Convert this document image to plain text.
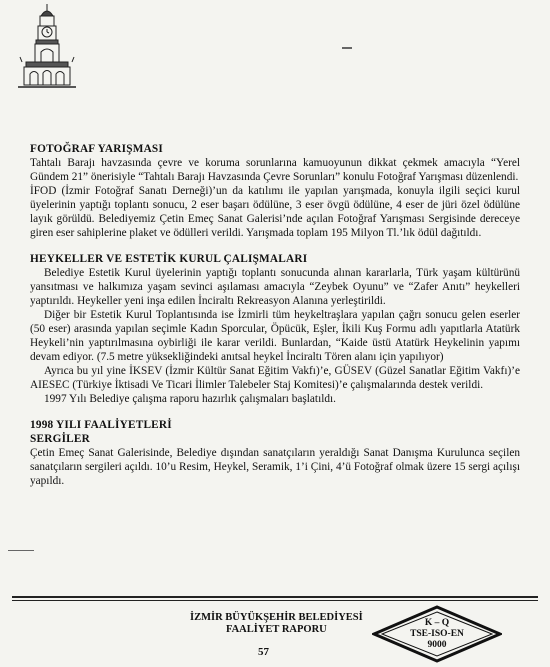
FOTOĞRAF YARIŞMASI

Tahtalı Barajı havzasında çevre ve koruma sorunlarına kamuoyunun dikkat çekmek amacıyla “Yerel Gündem 21” önerisiyle “Tahtalı Barajı Havzasında Çevre Sorunları” konulu Fotoğraf Yarışması düzenlendi.

İFOD (İzmir Fotoğraf Sanatı Derneği)’un da katılımı ile yapılan yarışmada, konuyla ilgili seçici kurul üyelerinin yaptığı toplantı sonucu, 2 eser başarı ödülüne, 3 eser övgü ödülüne, 4 eser de jüri özel ödülüne layık görüldü. Belediyemiz Çetin Emeç Sanat Galerisi’nde açılan Fotoğraf Yarışması Sergisinde dereceye giren eser sahiplerine plaket ve ödülleri verildi. Yarışmada toplam 195 Milyon Tl.’lık ödül dağıtıldı.

HEYKELLER VE ESTETİK KURUL ÇALIŞMALARI

Belediye Estetik Kurul üyelerinin yaptığı toplantı sonucunda alınan kararlarla, Türk yaşam kültürünü yansıtması ve halkımıza yaşam sevinci aşılaması amacıyla “Zeybek Oyunu” ve “Zafer Anıtı” heykelleri yaptırıldı. Heykeller yeni inşa edilen İnciraltı Rekreasyon Alanına yerleştirildi.

Diğer bir Estetik Kurul Toplantısında ise İzmirli tüm heykeltraşlara yapılan çağrı sonucu gelen eserler (50 eser) arasında yapılan seçimle Kadın Sporcular, Öpücük, Eşler, İkili Kuş Formu adlı yapıtlarla Atatürk Heykeli’nin yaptırılmasına oybirliği ile karar verildi. Bunlardan, “Kaide üstü Atatürk Heykelinin yapımı devam ediyor. (7.5 metre yüksekliğindeki anıtsal heykel İnciraltı Tören alanı için yapılıyor)

Ayrıca bu yıl yine İKSEV (İzmir Kültür Sanat Eğitim Vakfı)’e, GÜSEV (Güzel Sanatlar Eğitim Vakfı)’e AIESEC (Türkiye İktisadi Ve Ticari İlimler Talebeler Staj Komitesi)’e çalışmalarında destek verildi.

1997 Yılı Belediye çalışma raporu hazırlık çalışmaları başlatıldı.

1998 YILI FAALİYETLERİ

SERGİLER

Çetin Emeç Sanat Galerisinde, Belediye dışından sanatçıların yeraldığı Sanat Danışma Kurulunca seçilen sanatçıların sergileri açıldı. 10’u Resim, Heykel, Seramik, 1’i Çini, 4’ü Fotoğraf olmak üzere 15 sergi açılışı yapıldı.

İZMİR BÜYÜKŞEHİR BELEDİYESİ
FAALİYET RAPORU
57
K – Q
TSE-ISO-EN
9000
